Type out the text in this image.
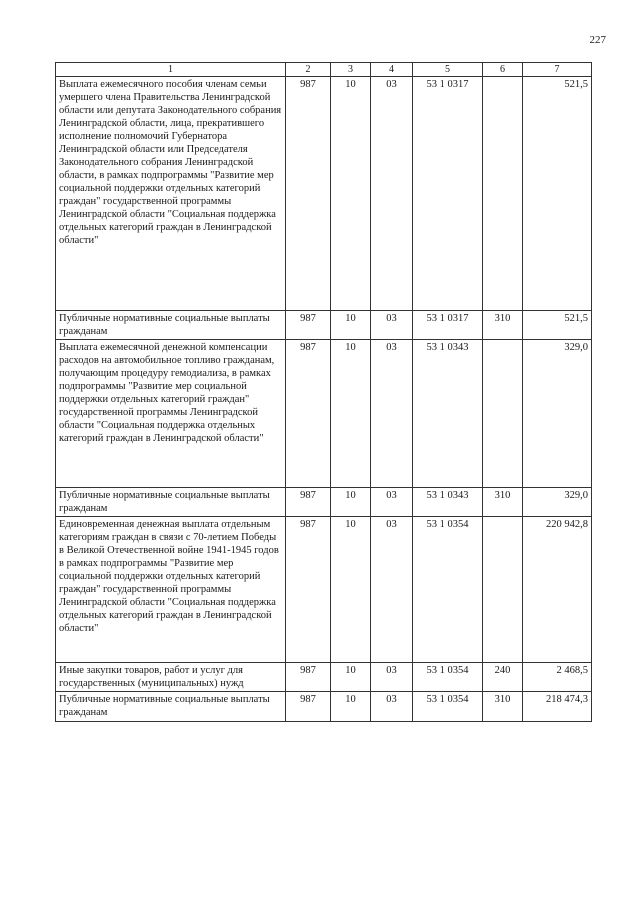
227
1	2	3	4	5	6	7
Выплата ежемесячного пособия членам семьи умершего члена Правительства Ленинградской области или депутата Законодательного собрания Ленинградской области, лица, прекратившего исполнение полномочий Губернатора Ленинградской области или Председателя Законодательного собрания Ленинградской области, в рамках подпрограммы "Развитие мер социальной поддержки отдельных категорий граждан" государственной программы Ленинградской области "Социальная поддержка отдельных категорий граждан в Ленинградской области"	987	10	03	53 1 0317		521,5
Публичные нормативные социальные выплаты гражданам	987	10	03	53 1 0317	310	521,5
Выплата ежемесячной денежной компенсации расходов на автомобильное топливо гражданам, получающим процедуру гемодиализа, в рамках подпрограммы "Развитие мер социальной поддержки отдельных категорий граждан" государственной программы Ленинградской области "Социальная поддержка отдельных категорий граждан в Ленинградской области"	987	10	03	53 1 0343		329,0
Публичные нормативные социальные выплаты гражданам	987	10	03	53 1 0343	310	329,0
Единовременная денежная выплата отдельным категориям граждан в связи с 70-летием Победы в Великой Отечественной войне 1941-1945 годов в рамках подпрограммы "Развитие мер социальной поддержки отдельных категорий граждан" государственной программы Ленинградской области "Социальная поддержка отдельных категорий граждан в Ленинградской области"	987	10	03	53 1 0354		220 942,8
Иные закупки товаров, работ и услуг для государственных (муниципальных) нужд	987	10	03	53 1 0354	240	2 468,5
Публичные нормативные социальные выплаты гражданам	987	10	03	53 1 0354	310	218 474,3
